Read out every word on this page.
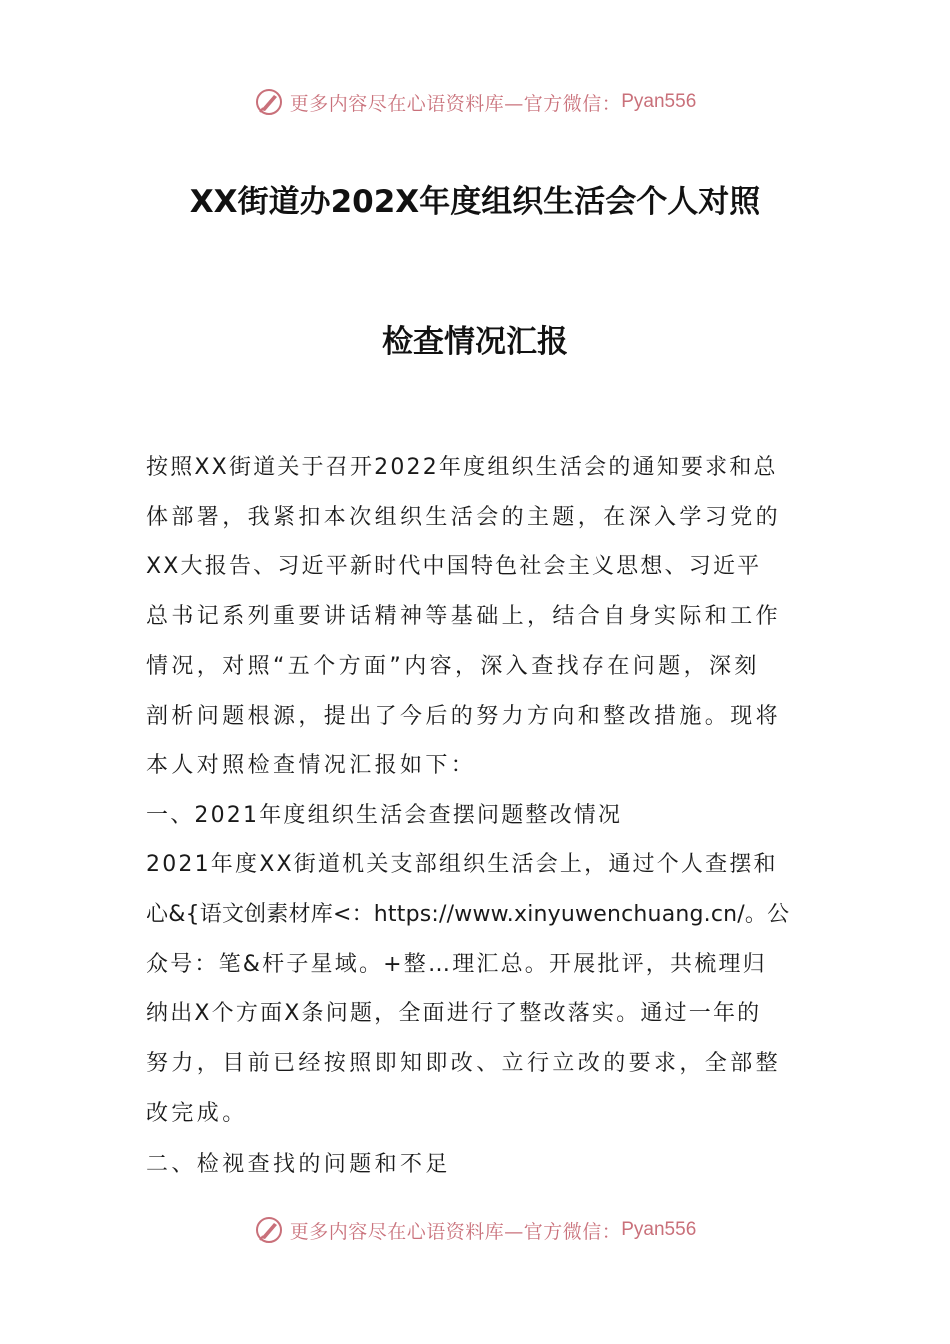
更多内容尽在心语资料库—官方微信： Pyan556
XX街道办202X年度组织生活会个人对照
检查情况汇报
按照XX街道关于召开2022年度组织生活会的通知要求和总
体部署，我紧扣本次组织生活会的主题，在深入学习党的
XX大报告、习近平新时代中国特色社会主义思想、习近平
总书记系列重要讲话精神等基础上，结合自身实际和工作
情况，对照“五个方面”内容，深入查找存在问题，深刻
剖析问题根源，提出了今后的努力方向和整改措施。现将
本人对照检查情况汇报如下：
一、2021年度组织生活会查摆问题整改情况
2021年度XX街道机关支部组织生活会上，通过个人查摆和
心&{语文创素材库<：https://www.xinyuwenchuang.cn/。公
众号：笔&杆子星域。+整…理汇总。开展批评，共梳理归
纳出X个方面X条问题，全面进行了整改落实。通过一年的
努力，目前已经按照即知即改、立行立改的要求，全部整
改完成。
二、检视查找的问题和不足
更多内容尽在心语资料库—官方微信： Pyan556
